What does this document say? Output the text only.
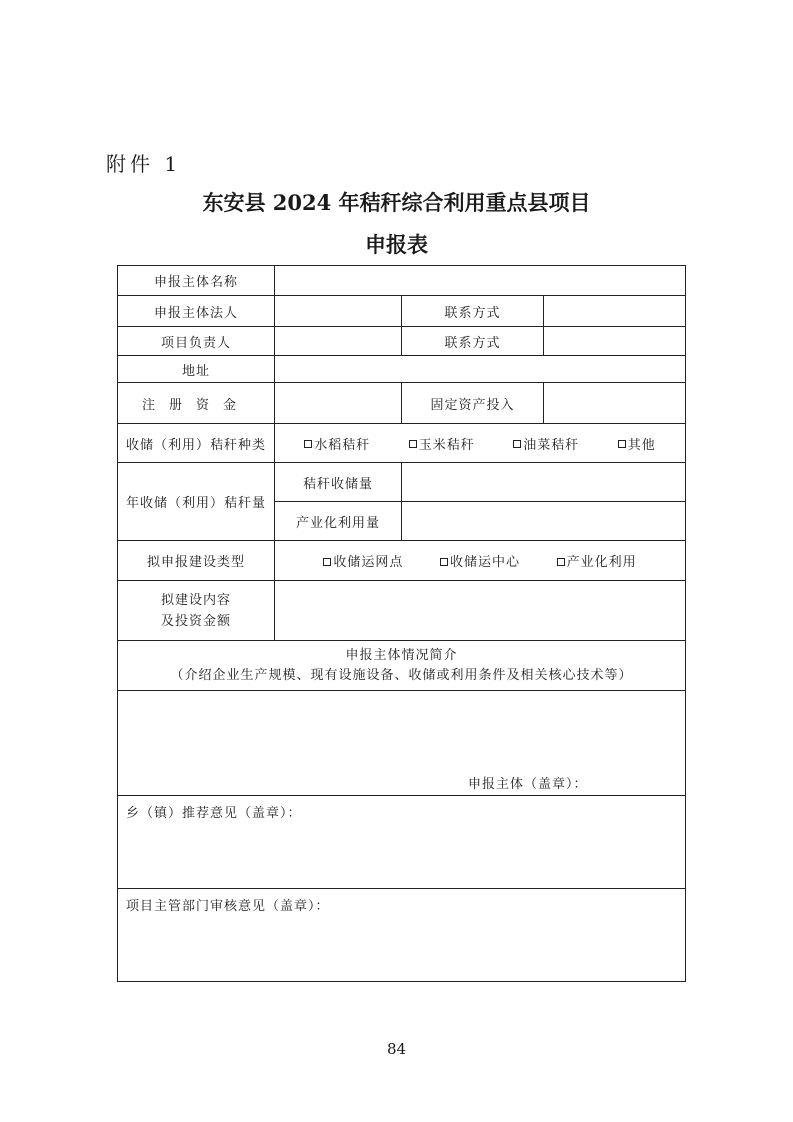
附件 1
东安县 2024 年秸秆综合利用重点县项目
申报表
申报主体名称			
申报主体法人		联系方式	
项目负责人		联系方式	
地址			
注册资金		固定资产投入	
收储（利用）秸秆种类	水稻秸秆 玉米秸秆 油菜秸秆 其他		

年收储（利用）秸秆量	秸秆收储量		
	产业化利用量		
拟申报建设类型	收储运网点 收储运中心 产业化利用		

拟建设内容
及投资金额			

申报主体情况简介
（介绍企业生产规模、现有设施设备、收储或利用条件及相关核心技术等）			

申报主体（盖章）：			

乡（镇）推荐意见（盖章）：			
项目主管部门审核意见（盖章）：			
84
